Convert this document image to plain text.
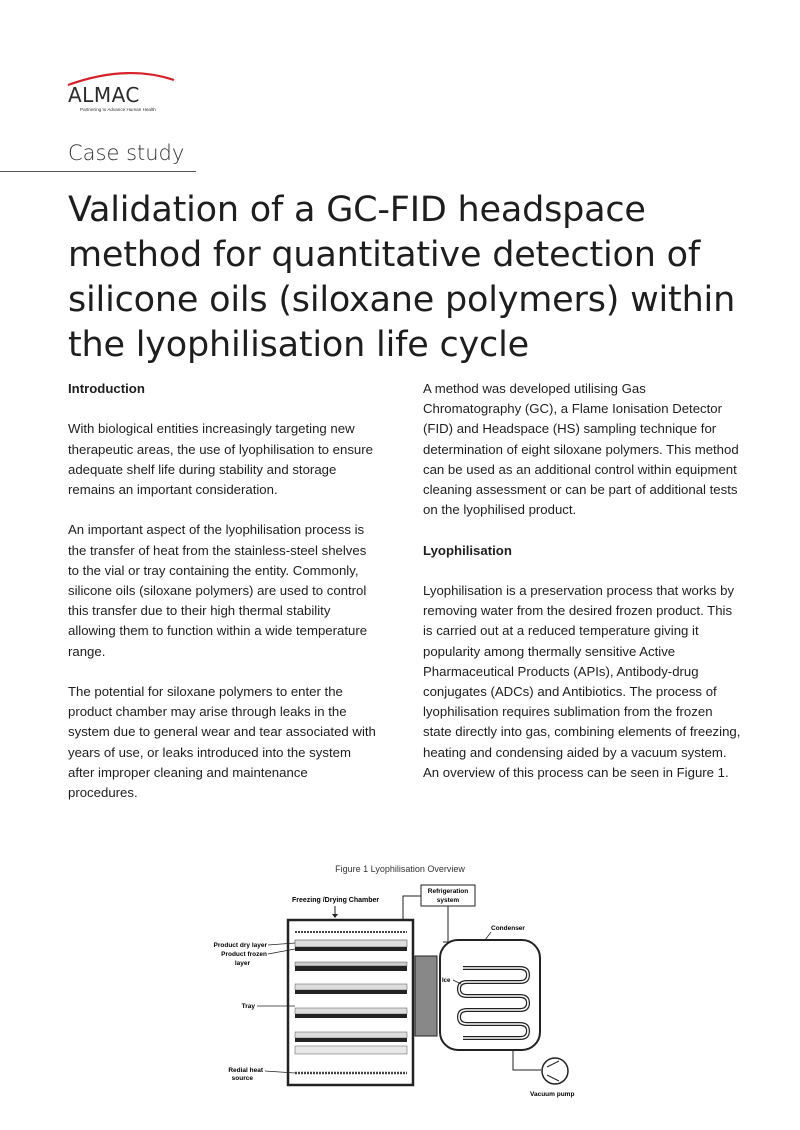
ALMAC
Partnering to Advance Human Health
Case study
Validation of a GC-FID headspace method for quantitative detection of silicone oils (siloxane polymers) within the lyophilisation life cycle
Introduction

With biological entities increasingly targeting new therapeutic areas, the use of lyophilisation to ensure adequate shelf life during stability and storage remains an important consideration.

An important aspect of the lyophilisation process is the transfer of heat from the stainless-steel shelves to the vial or tray containing the entity. Commonly, silicone oils (siloxane polymers) are used to control this transfer due to their high thermal stability allowing them to function within a wide temperature range.

The potential for siloxane polymers to enter the product chamber may arise through leaks in the system due to general wear and tear associated with years of use, or leaks introduced into the system after improper cleaning and maintenance procedures.

A method was developed utilising Gas Chromatography (GC), a Flame Ionisation Detector (FID) and Headspace (HS) sampling technique for determination of eight siloxane polymers. This method can be used as an additional control within equipment cleaning assessment or can be part of additional tests on the lyophilised product.

Lyophilisation

Lyophilisation is a preservation process that works by removing water from the desired frozen product. This is carried out at a reduced temperature giving it popularity among thermally sensitive Active Pharmaceutical Products (APIs), Antibody-drug conjugates (ADCs) and Antibiotics. The process of lyophilisation requires sublimation from the frozen state directly into gas, combining elements of freezing, heating and condensing aided by a vacuum system. An overview of this process can be seen in Figure 1.

Figure 1 Lyophilisation Overview
Freezing /Drying Chamber
Refrigeration
system
Product dry layer
Product frozen
layer
Tray
Redial heat
source
Condenser
Ice
Vacuum pump
